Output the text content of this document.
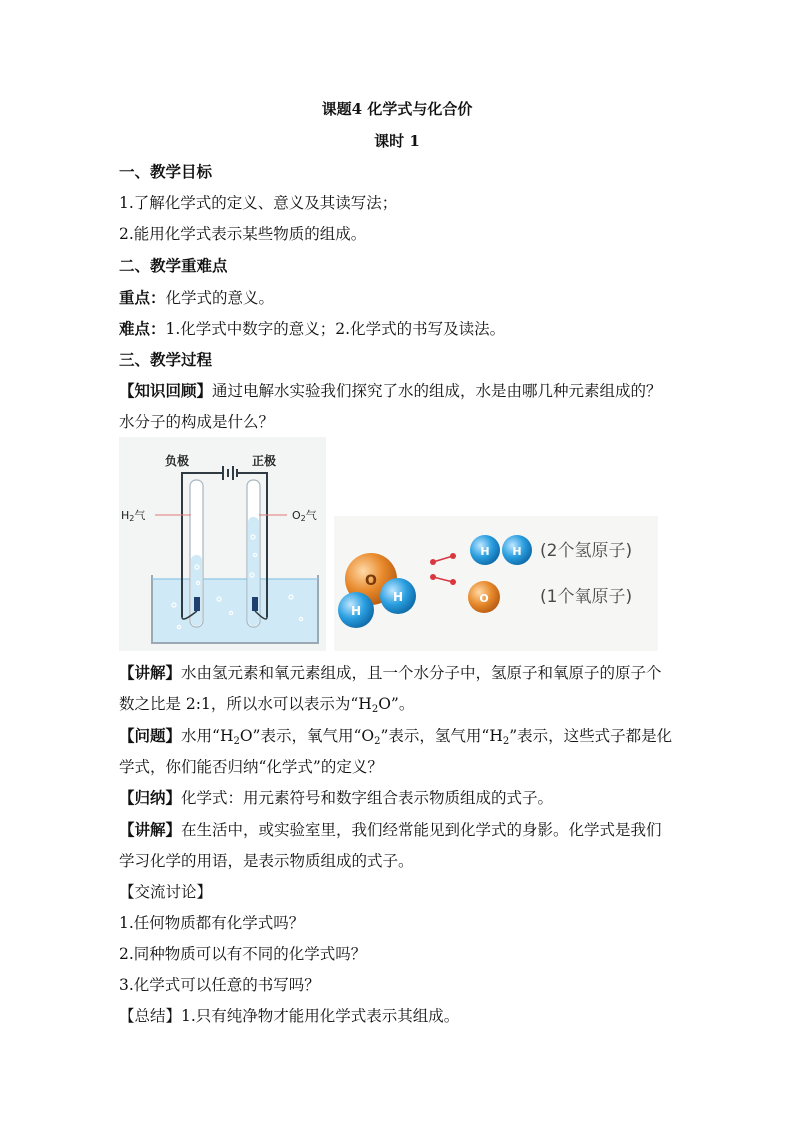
课题4 化学式与化合价
课时 1
一、教学目标
1.了解化学式的定义、意义及其读写法；
2.能用化学式表示某些物质的组成。
二、教学重难点
重点：化学式的意义。
难点：1.化学式中数字的意义；2.化学式的书写及读法。
三、教学过程
【知识回顾】通过电解水实验我们探究了水的组成，水是由哪几种元素组成的？
水分子的构成是什么？
负极	正极
H2气	O2气
O
H
H
H H
O
(2个氢原子)
(1个氧原子)
【讲解】水由氢元素和氧元素组成，且一个水分子中，氢原子和氧原子的原子个
数之比是 2:1，所以水可以表示为“$H_2O$”。
【问题】水用“$H_2O$”表示，氧气用“$O_2$”表示，氢气用“$H_2$”表示，这些式子都是化
学式，你们能否归纳“化学式”的定义？
【归纳】化学式：用元素符号和数字组合表示物质组成的式子。
【讲解】在生活中，或实验室里，我们经常能见到化学式的身影。化学式是我们
学习化学的用语，是表示物质组成的式子。
【交流讨论】
1.任何物质都有化学式吗？
2.同种物质可以有不同的化学式吗？
3.化学式可以任意的书写吗？
【总结】1.只有纯净物才能用化学式表示其组成。
